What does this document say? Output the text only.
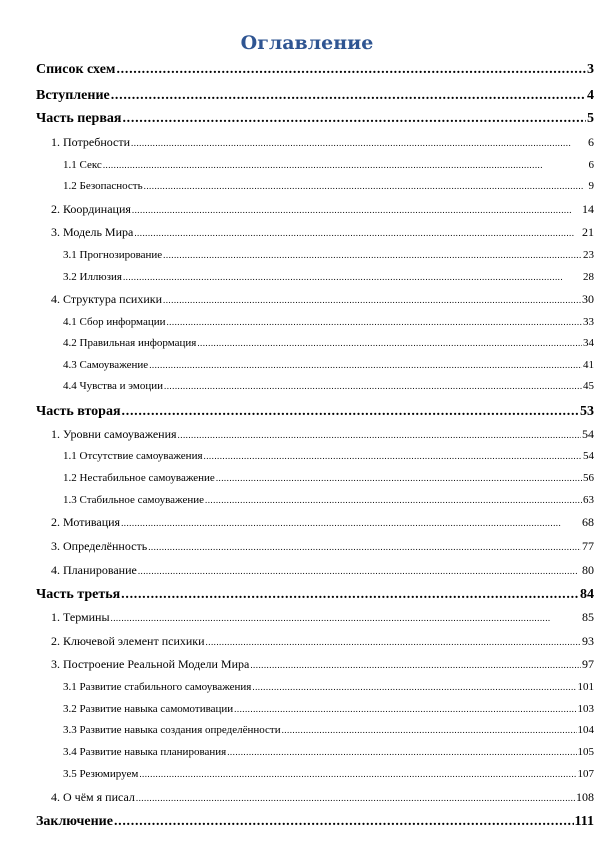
Оглавление
Список схем . . .	3
Вступление . . .	4
Часть первая . . .	5
1. Потребности . . .	6
1.1 Секс . . .	6
1.2 Безопасность . . .	9
2. Координация . . .	14
3. Модель Мира . . .	21
3.1 Прогнозирование . . .	23
3.2 Иллюзия . . .	28
4. Структура психики . . .	30
4.1 Сбор информации . . .	33
4.2 Правильная информация . . .	34
4.3 Самоуважение . . .	41
4.4 Чувства и эмоции . . .	45
Часть вторая . . .	53
1. Уровни самоуважения . . .	54
1.1 Отсутствие самоуважения . . .	54
1.2 Нестабильное самоуважение . . .	56
1.3 Стабильное самоуважение . . .	63
2. Мотивация . . .	68
3. Определённость . . .	77
4. Планирование . . .	80
Часть третья . . .	84
1. Термины . . .	85
2. Ключевой элемент психики . . .	93
3. Построение Реальной Модели Мира . . .	97
3.1 Развитие стабильного самоуважения . . .	101
3.2 Развитие навыка самомотивации . . .	103
3.3 Развитие навыка создания определённости . . .	104
3.4 Развитие навыка планирования . . .	105
3.5 Резюмируем . . .	107
4. О чём я писал . . .	108
Заключение . . .	111
